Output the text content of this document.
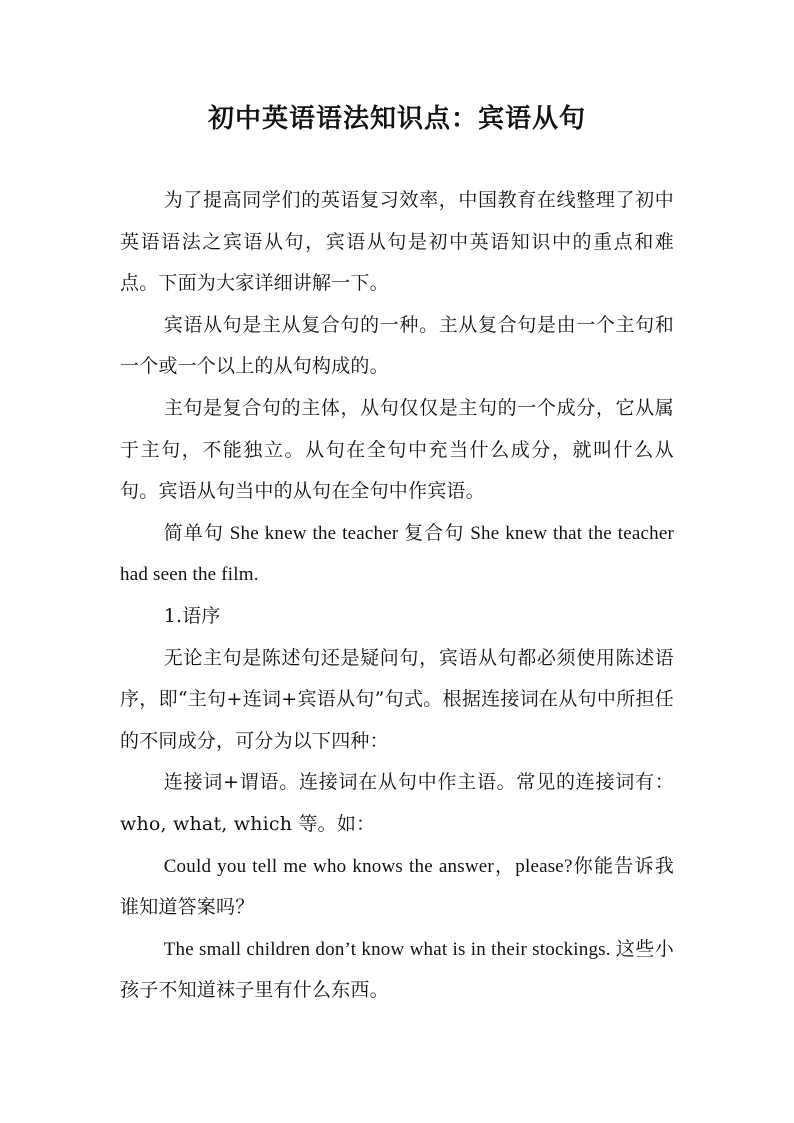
初中英语语法知识点：宾语从句

为了提高同学们的英语复习效率，中国教育在线整理了初中英语语法之宾语从句，宾语从句是初中英语知识中的重点和难点。下面为大家详细讲解一下。

宾语从句是主从复合句的一种。主从复合句是由一个主句和一个或一个以上的从句构成的。

主句是复合句的主体，从句仅仅是主句的一个成分，它从属于主句，不能独立。从句在全句中充当什么成分，就叫什么从句。宾语从句当中的从句在全句中作宾语。

简单句 She knew the teacher 复合句 She knew that the teacher had seen the film.

1.语序

无论主句是陈述句还是疑问句，宾语从句都必须使用陈述语序，即“主句+连词+宾语从句”句式。根据连接词在从句中所担任的不同成分，可分为以下四种：

连接词+谓语。连接词在从句中作主语。常见的连接词有： who, what, which 等。如：

Could you tell me who knows the answer，please?你能告诉我谁知道答案吗？

The small children don’t know what is in their stockings. 这些小孩子不知道袜子里有什么东西。
